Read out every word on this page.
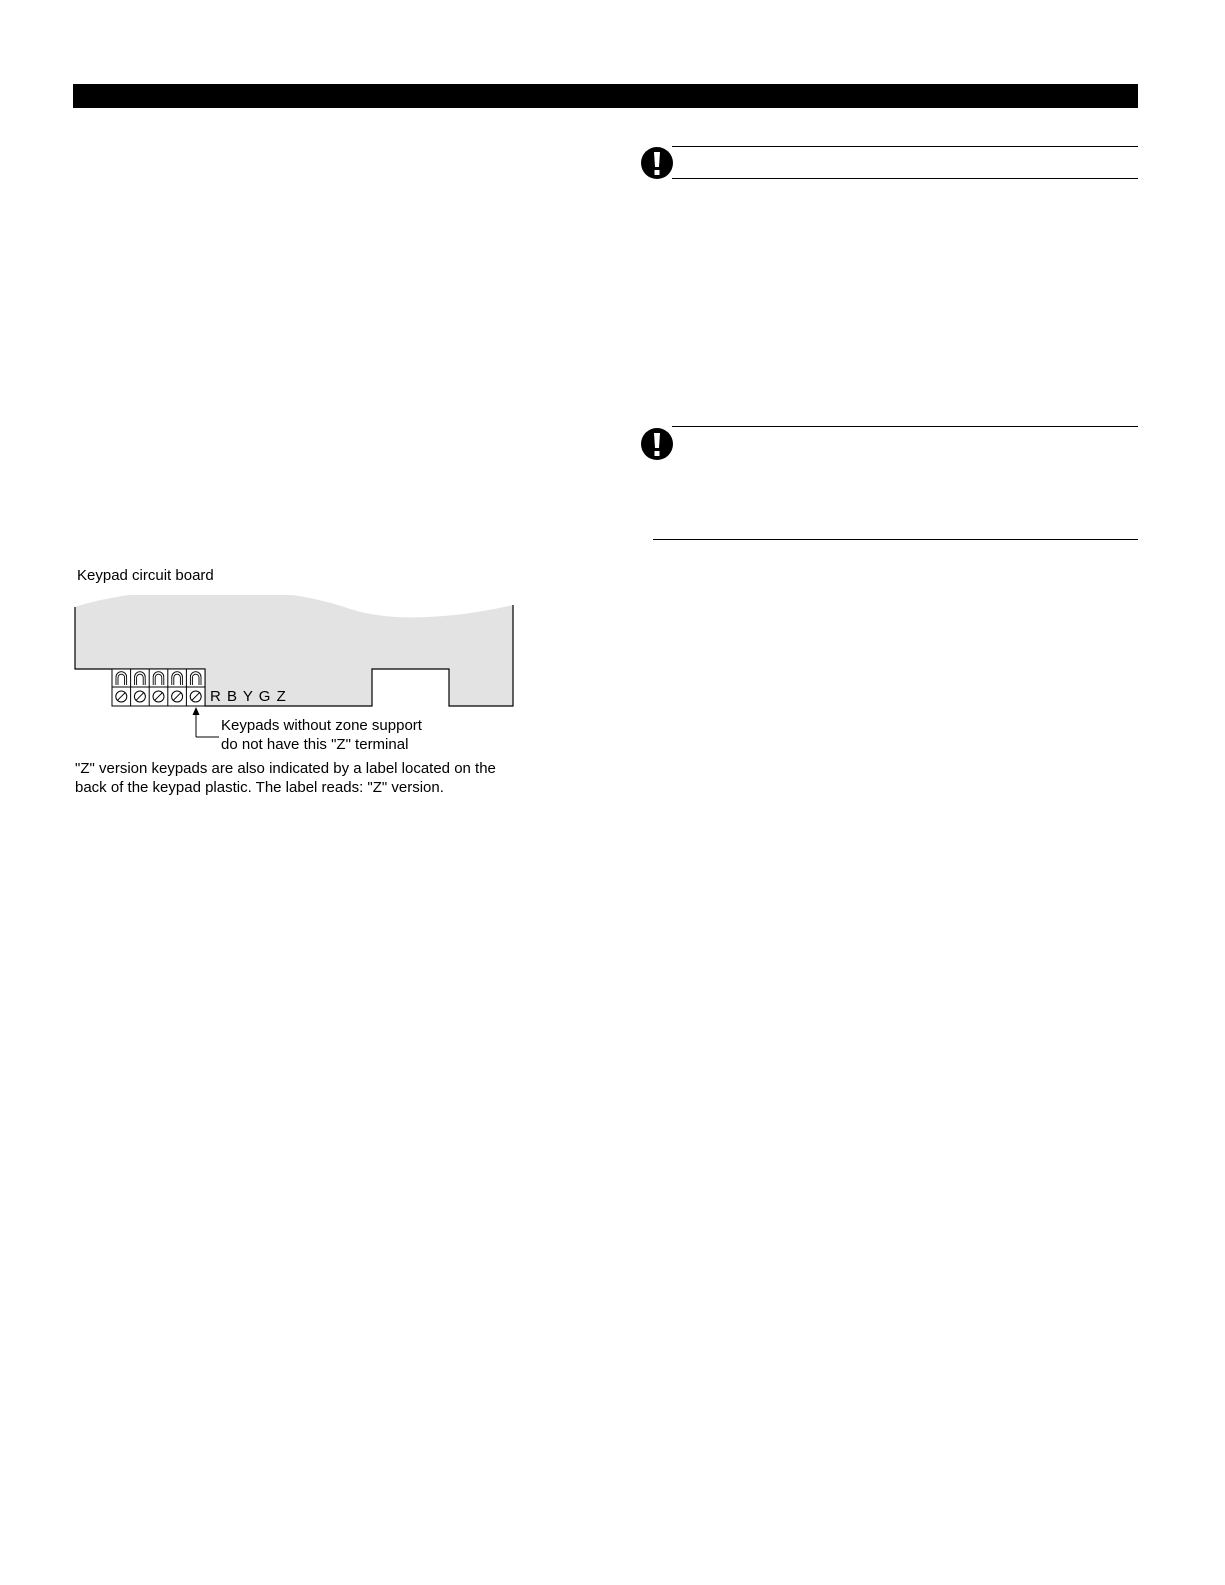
Keypad circuit board
R B Y G Z
Keypads without zone support
do not have this "Z" terminal
"Z" version keypads are also indicated by a label located on the
back of the keypad plastic. The label reads: "Z" version.
